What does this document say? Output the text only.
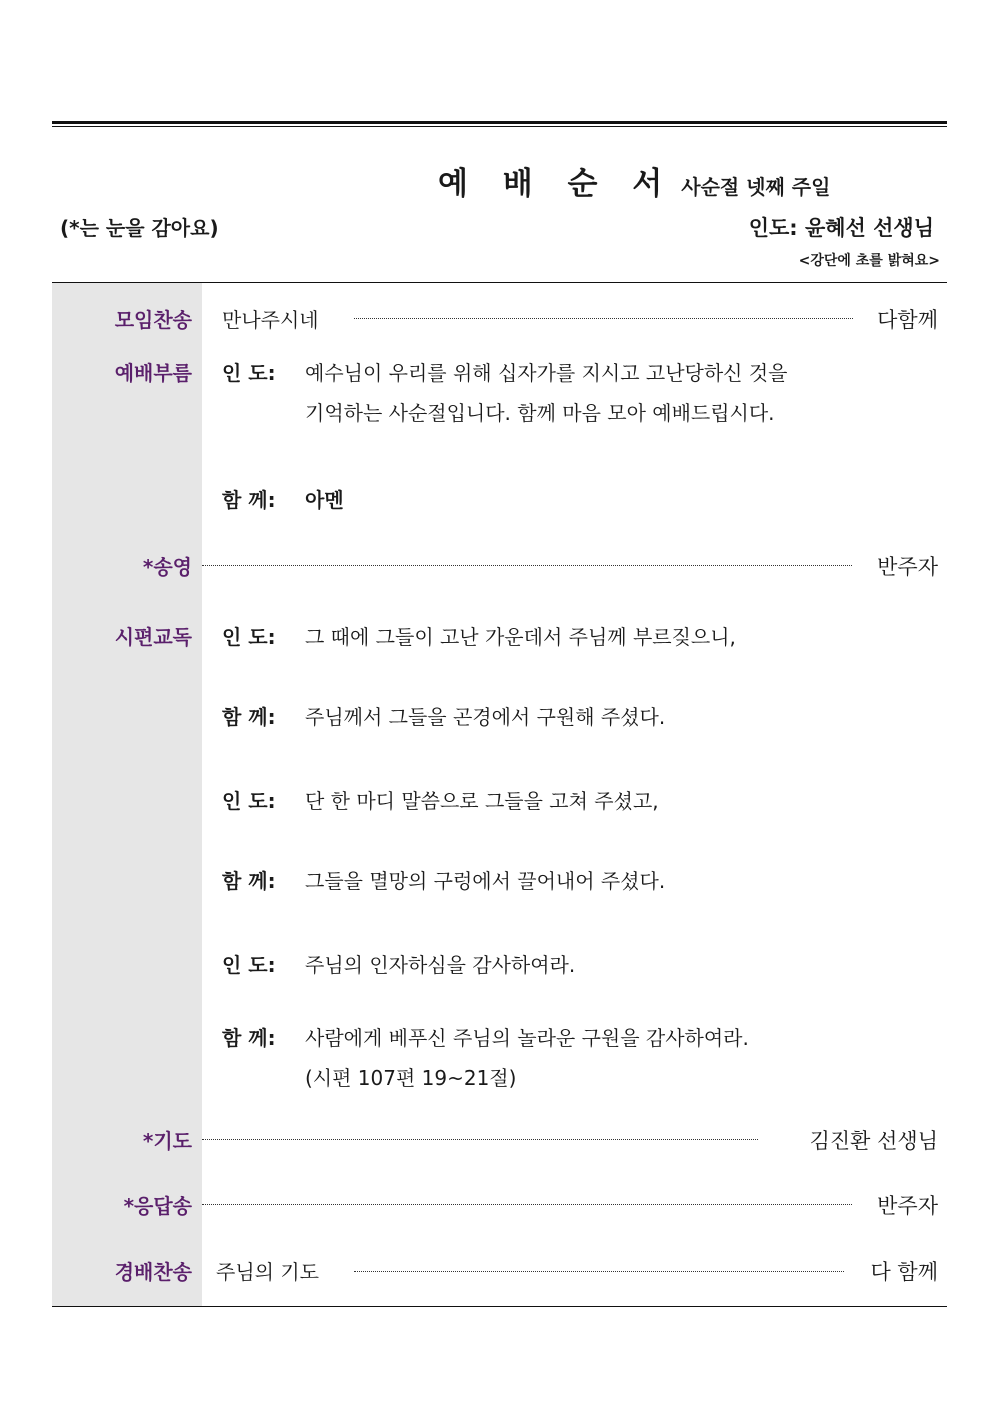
예 배 순 서 사순절 넷째 주일
(*는 눈을 감아요)	인도: 윤혜선 선생님
<강단에 초를 밝혀요>
모임찬송 만나주시네	다함께
예배부름 인 도: 예수님이 우리를 위해 십자가를 지시고 고난당하신 것을
기억하는 사순절입니다. 함께 마음 모아 예배드립시다.
함 께: 아멘
*송영	반주자
시편교독 인 도: 그 때에 그들이 고난 가운데서 주님께 부르짖으니,
함 께: 주님께서 그들을 곤경에서 구원해 주셨다.
인 도: 단 한 마디 말씀으로 그들을 고쳐 주셨고,
함 께: 그들을 멸망의 구렁에서 끌어내어 주셨다.
인 도: 주님의 인자하심을 감사하여라.
함 께: 사람에게 베푸신 주님의 놀라운 구원을 감사하여라.
(시편 107편 19~21절)
*기도	김진환 선생님
*응답송	반주자
경배찬송 주님의 기도	다 함께
